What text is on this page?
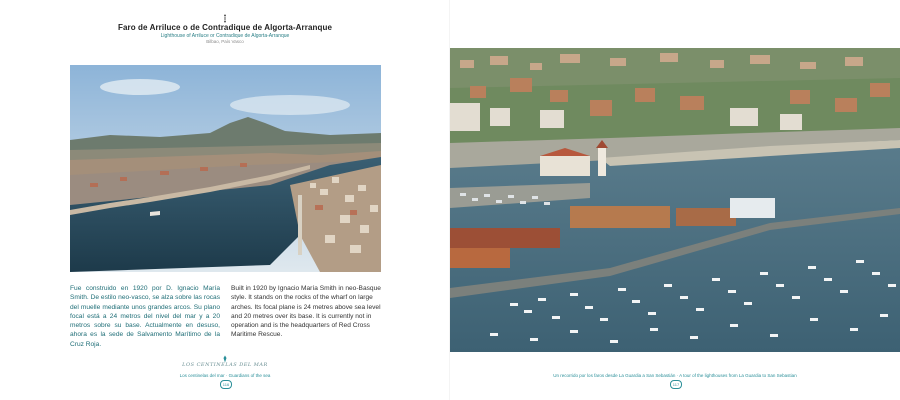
Faro de Arriluce o de Contradique de Algorta-Arranque
Lighthouse of Arriluce or Contradique de Algorta-Arranque
Bilbao, País Vasco
Fue construido en 1920 por D. Ignacio María Smith. De estilo neo-vasco, se alza sobre las rocas del muelle mediante unos grandes arcos. Su plano focal está a 24 metros del nivel del mar y a 20 metros sobre su base. Actualmente en desuso, ahora es la sede de Salvamento Marítimo de la Cruz Roja.
Built in 1920 by Ignacio María Smith in neo-Basque style. It stands on the rocks of the wharf on large arches. Its focal plane is 24 metres above sea level and 20 metres over its base. It is currently not in operation and is the headquarters of Red Cross Maritime Rescue.
LOS CENTINELAS DEL MAR
Los centinelas del mar · Guardians of the sea
116
Un recorrido por los faros desde La Guardia a San Sebastián · A tour of the lighthouses from La Guardia to San Sebastian
117
